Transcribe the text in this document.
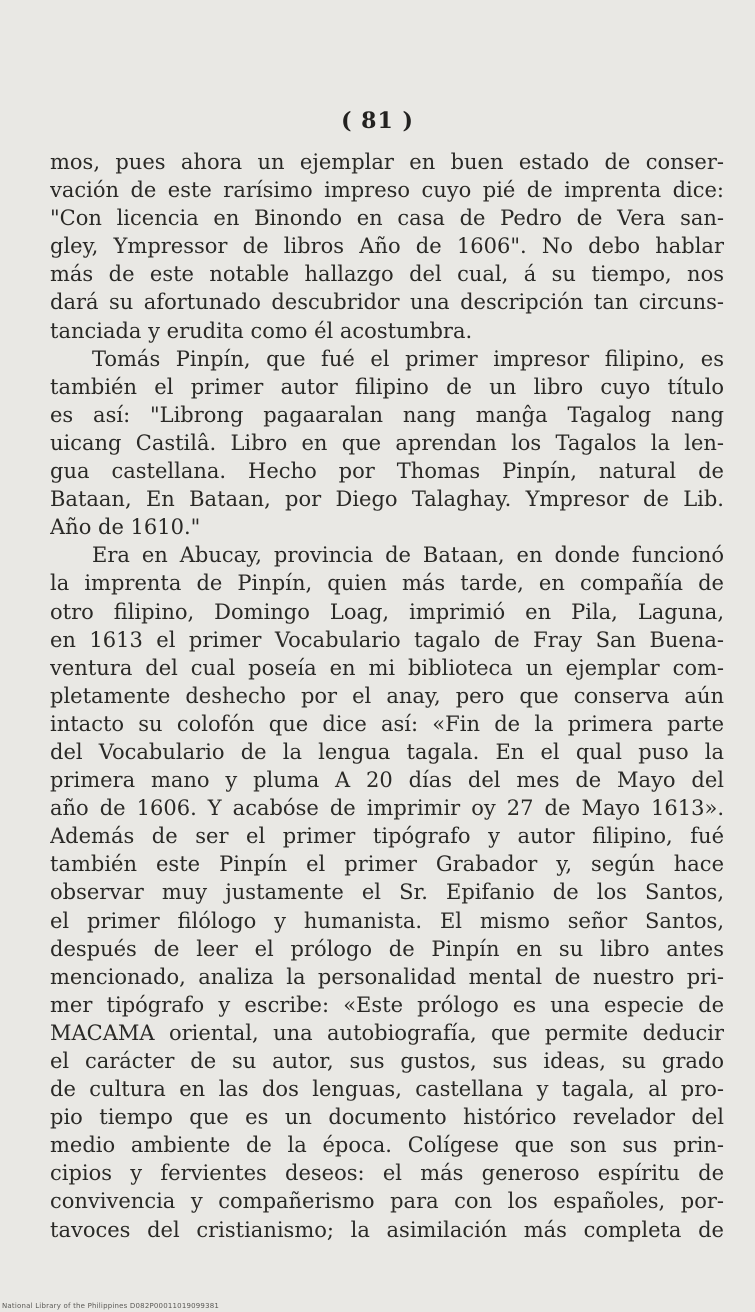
( 81 )
mos, pues ahora un ejemplar en buen estado de conser-
vación de este rarísimo impreso cuyo pié de imprenta dice:
"Con licencia en Binondo en casa de Pedro de Vera san-
gley, Ympressor de libros Año de 1606". No debo hablar
más de este notable hallazgo del cual, á su tiempo, nos
dará su afortunado descubridor una descripción tan circuns-
tanciada y erudita como él acostumbra.
Tomás Pinpín, que fué el primer impresor filipino, es
también el primer autor filipino de un libro cuyo título
es así: "Librong pagaaralan nang manĝa Tagalog nang
uicang Castilâ. Libro en que aprendan los Tagalos la len-
gua castellana. Hecho por Thomas Pinpín, natural de
Bataan, En Bataan, por Diego Talaghay. Ympresor de Lib.
Año de 1610."
Era en Abucay, provincia de Bataan, en donde funcionó
la imprenta de Pinpín, quien más tarde, en compañía de
otro filipino, Domingo Loag, imprimió en Pila, Laguna,
en 1613 el primer Vocabulario tagalo de Fray San Buena-
ventura del cual poseía en mi biblioteca un ejemplar com-
pletamente deshecho por el anay, pero que conserva aún
intacto su colofón que dice así: «Fin de la primera parte
del Vocabulario de la lengua tagala. En el qual puso la
primera mano y pluma A 20 días del mes de Mayo del
año de 1606. Y acabóse de imprimir oy 27 de Mayo 1613».
Además de ser el primer tipógrafo y autor filipino, fué
también este Pinpín el primer Grabador y, según hace
observar muy justamente el Sr. Epifanio de los Santos,
el primer filólogo y humanista. El mismo señor Santos,
después de leer el prólogo de Pinpín en su libro antes
mencionado, analiza la personalidad mental de nuestro pri-
mer tipógrafo y escribe: «Este prólogo es una especie de
MACAMA oriental, una autobiografía, que permite deducir
el carácter de su autor, sus gustos, sus ideas, su grado
de cultura en las dos lenguas, castellana y tagala, al pro-
pio tiempo que es un documento histórico revelador del
medio ambiente de la época. Colígese que son sus prin-
cipios y fervientes deseos: el más generoso espíritu de
convivencia y compañerismo para con los españoles, por-
tavoces del cristianismo; la asimilación más completa de
National Library of the Philippines D082P00011019099381
